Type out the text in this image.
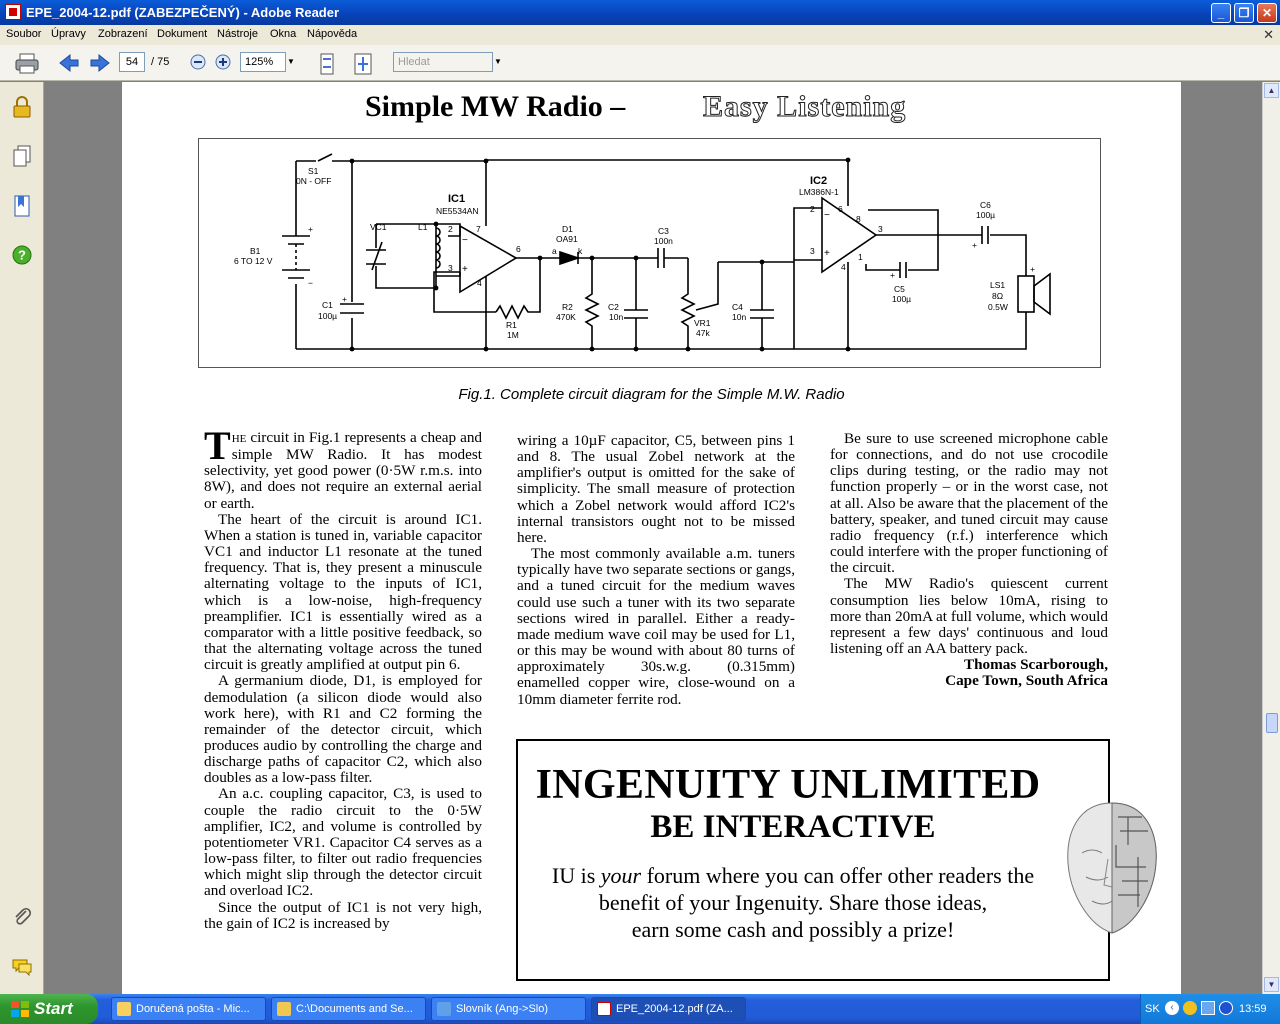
EPE_2004-12.pdf (ZABEZPEČENÝ) - Adobe Reader	_	❐	✕
Soubor Úpravy Zobrazení Dokument Nástroje Okna Nápověda	✕
54	/ 75	125%	▼	Hledat	▼
?
Simple MW Radio –	Easy Listening
S1
0N - OFF
B1
6 TO 12 V
+
−
C1
100µ
+
VC1	L1
IC1
NE5534AN
2	7
3
4
6
−
+
R1
1M
D1
OA91
a	k
R2
470K
C2
10n
C3
100n
VR1
47k
C4
10n
IC2
LM386N-1
2	6
8
3
4
1
3
−
+
C5
100µ
+
C6
100µ
+
LS1
8Ω
0.5W
+
Fig.1. Complete circuit diagram for the Simple M.W. Radio

THE circuit in Fig.1 represents a cheap and simple MW Radio. It has modest selectivity, yet good power (0·5W r.m.s. into 8W), and does not require an external aerial or earth.

The heart of the circuit is around IC1. When a station is tuned in, variable capacitor VC1 and inductor L1 resonate at the tuned frequency. That is, they present a minuscule alternating voltage to the inputs of IC1, which is a low-noise, high-frequency preamplifier. IC1 is essentially wired as a comparator with a little positive feedback, so that the alternating voltage across the tuned circuit is greatly amplified at output pin 6.

A germanium diode, D1, is employed for demodulation (a silicon diode would also work here), with R1 and C2 forming the remainder of the detector circuit, which produces audio by controlling the charge and discharge paths of capacitor C2, which also doubles as a low-pass filter.

An a.c. coupling capacitor, C3, is used to couple the radio circuit to the 0·5W amplifier, IC2, and volume is controlled by potentiometer VR1. Capacitor C4 serves as a low-pass filter, to filter out radio frequencies which might slip through the detector circuit and overload IC2.

Since the output of IC1 is not very high, the gain of IC2 is increased by

wiring a 10µF capacitor, C5, between pins 1 and 8. The usual Zobel network at the amplifier's output is omitted for the sake of simplicity. The small measure of protection which a Zobel network would afford IC2's internal transistors ought not to be missed here.

The most commonly available a.m. tuners typically have two separate sections or gangs, and a tuned circuit for the medium waves could use such a tuner with its two separate sections wired in parallel. Either a ready-made medium wave coil may be used for L1, or this may be wound with about 80 turns of approximately 30s.w.g. (0.315mm) enamelled copper wire, close-wound on a 10mm diameter ferrite rod.

Be sure to use screened microphone cable for connections, and do not use crocodile clips during testing, or the radio may not function properly – or in the worst case, not at all. Also be aware that the placement of the battery, speaker, and tuned circuit may cause radio frequency (r.f.) interference which could interfere with the proper functioning of the circuit.

The MW Radio's quiescent current consumption lies below 10mA, rising to more than 20mA at full volume, which would represent a few days' continuous and loud listening off an AA battery pack.

Thomas Scarborough,
Cape Town, South Africa
INGENUITY UNLIMITED
BE INTERACTIVE
IU is your forum where you can offer other readers the
benefit of your Ingenuity. Share those ideas,
earn some cash and possibly a prize!
▲
▼
Start	Doručená pošta - Mic...	C:\Documents and Se...	Slovník (Ang->Slo)	EPE_2004-12.pdf (ZA...	SK	‹	13:59
